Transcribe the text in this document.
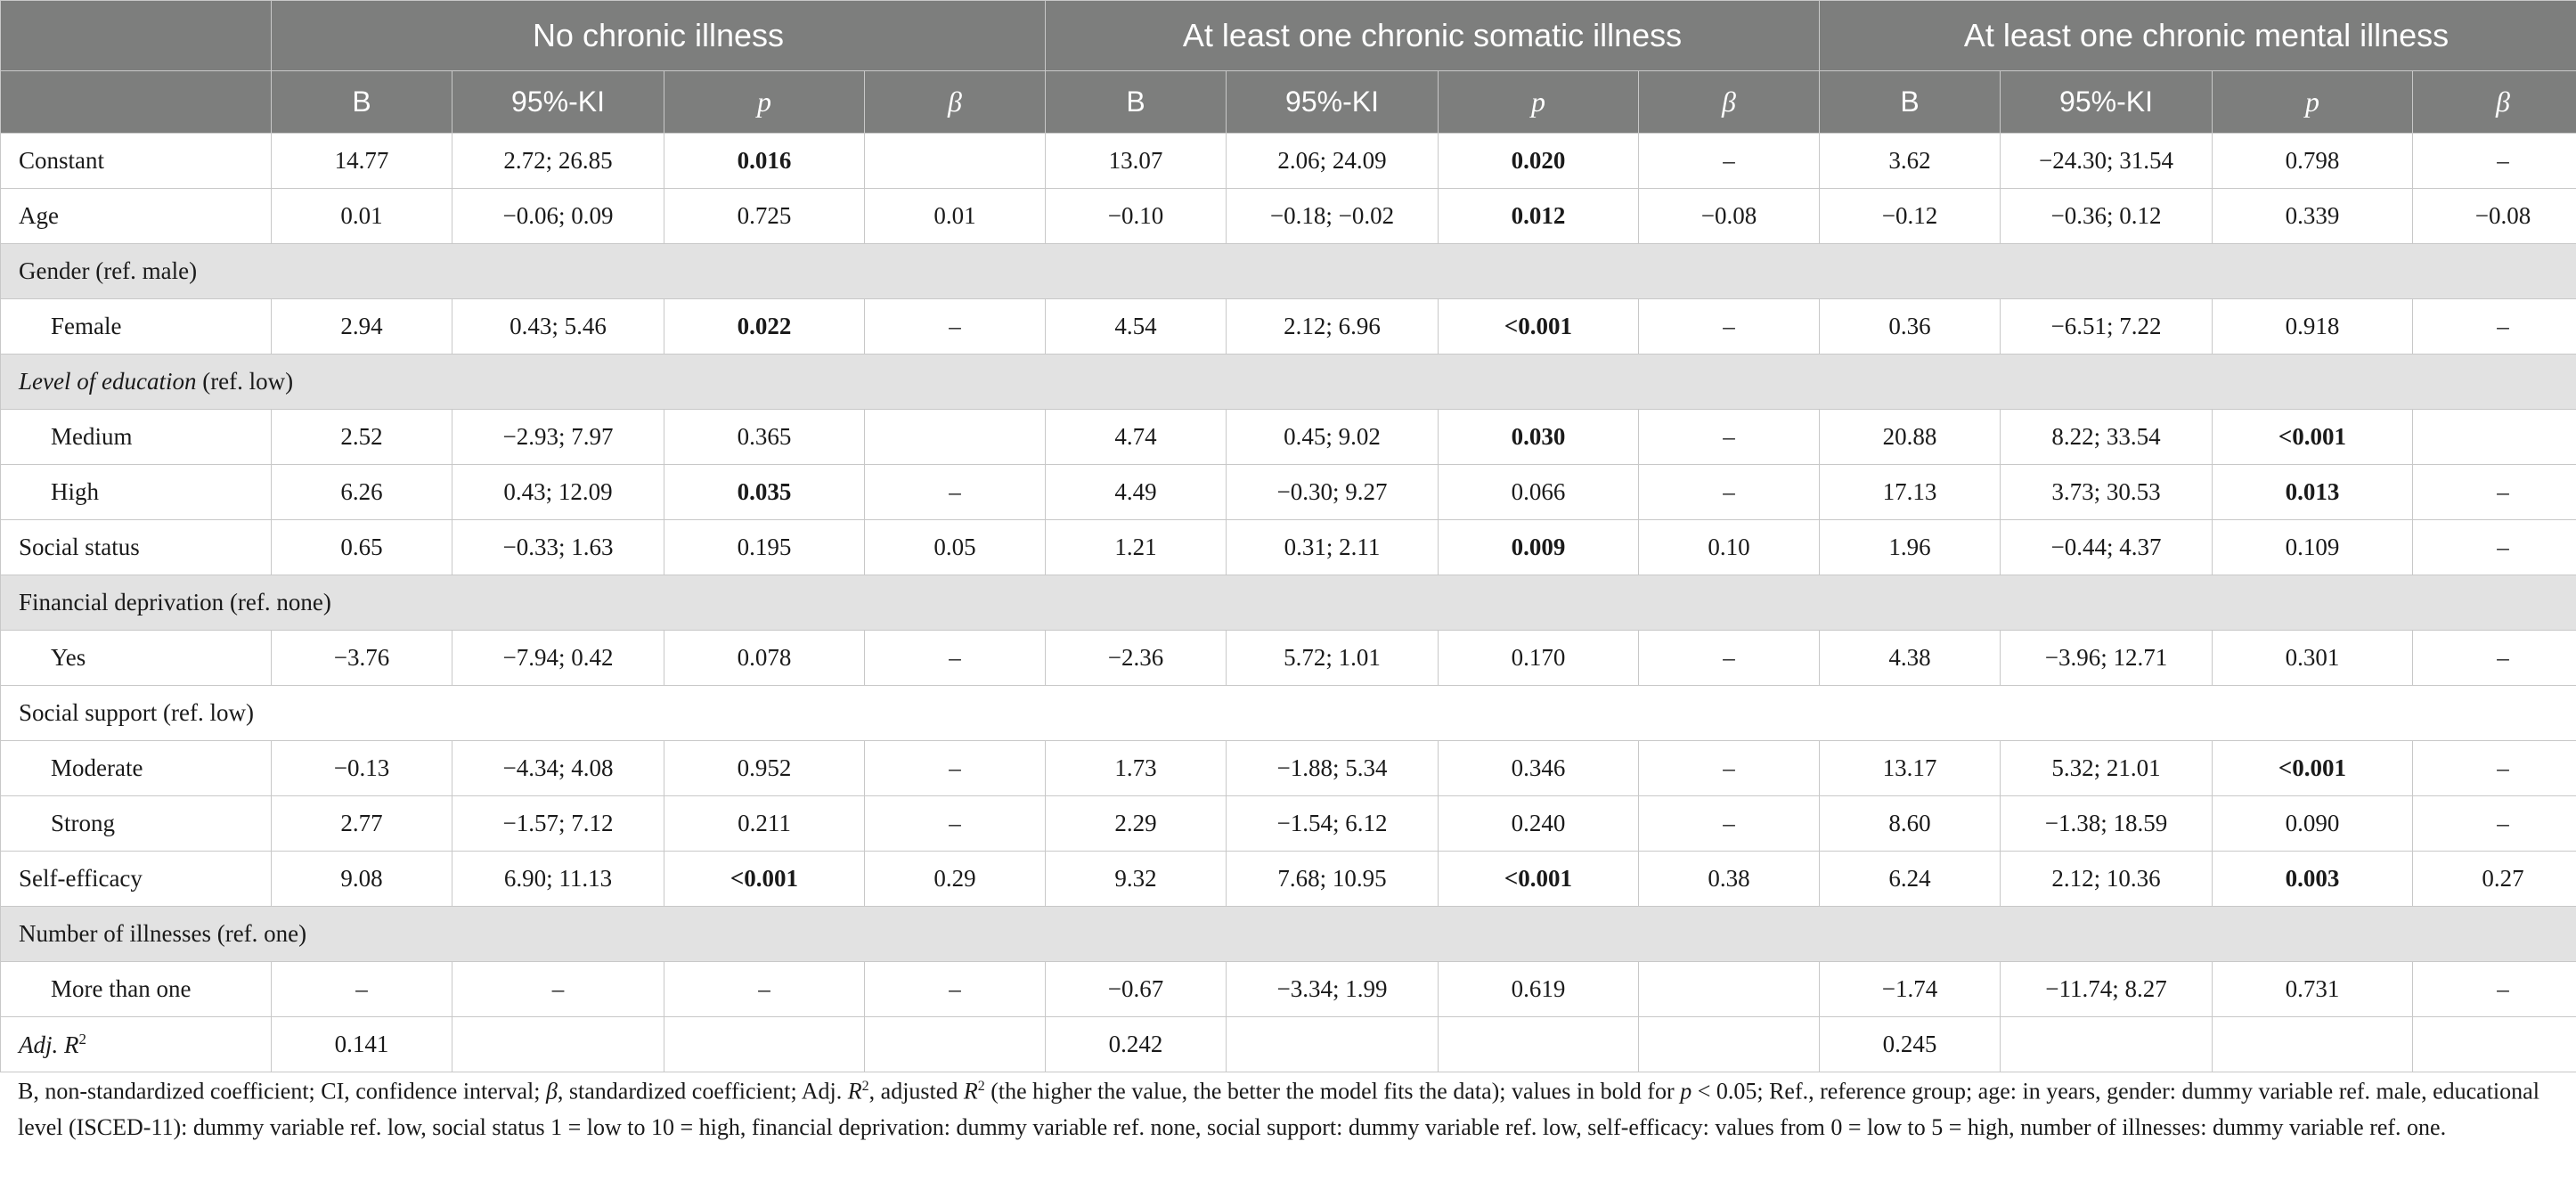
	No chronic illness				At least one chronic somatic illness				At least one chronic mental illness			
	B	95%-KI	p	β	B	95%-KI	p	β	B	95%-KI	p	β
Constant	14.77	2.72; 26.85	0.016		13.07	2.06; 24.09	0.020	–	3.62	−24.30; 31.54	0.798	–
Age	0.01	−0.06; 0.09	0.725	0.01	−0.10	−0.18; −0.02	0.012	−0.08	−0.12	−0.36; 0.12	0.339	−0.08
Gender (ref. male)												
Female	2.94	0.43; 5.46	0.022	–	4.54	2.12; 6.96	<0.001	–	0.36	−6.51; 7.22	0.918	–
Level of education (ref. low)												
Medium	2.52	−2.93; 7.97	0.365		4.74	0.45; 9.02	0.030	–	20.88	8.22; 33.54	<0.001	
High	6.26	0.43; 12.09	0.035	–	4.49	−0.30; 9.27	0.066	–	17.13	3.73; 30.53	0.013	–
Social status	0.65	−0.33; 1.63	0.195	0.05	1.21	0.31; 2.11	0.009	0.10	1.96	−0.44; 4.37	0.109	–
Financial deprivation (ref. none)												
Yes	−3.76	−7.94; 0.42	0.078	–	−2.36	5.72; 1.01	0.170	–	4.38	−3.96; 12.71	0.301	–
Social support (ref. low)												
Moderate	−0.13	−4.34; 4.08	0.952	–	1.73	−1.88; 5.34	0.346	–	13.17	5.32; 21.01	<0.001	–
Strong	2.77	−1.57; 7.12	0.211	–	2.29	−1.54; 6.12	0.240	–	8.60	−1.38; 18.59	0.090	–
Self-efficacy	9.08	6.90; 11.13	<0.001	0.29	9.32	7.68; 10.95	<0.001	0.38	6.24	2.12; 10.36	0.003	0.27
Number of illnesses (ref. one)												
More than one	–	–	–	–	−0.67	−3.34; 1.99	0.619		−1.74	−11.74; 8.27	0.731	–
Adj. $R^2$	0.141				0.242				0.245			
B, non-standardized coefficient; CI, confidence interval; β, standardized coefficient; Adj. $R^2$, adjusted $R^2$ (the higher the value, the better the model fits the data); values in bold for p < 0.05; Ref., reference group; age: in years, gender: dummy variable ref. male, educational level (ISCED-11): dummy variable ref. low, social status 1 = low to 10 = high, financial deprivation: dummy variable ref. none, social support: dummy variable ref. low, self-efficacy: values from 0 = low to 5 = high, number of illnesses: dummy variable ref. one.
